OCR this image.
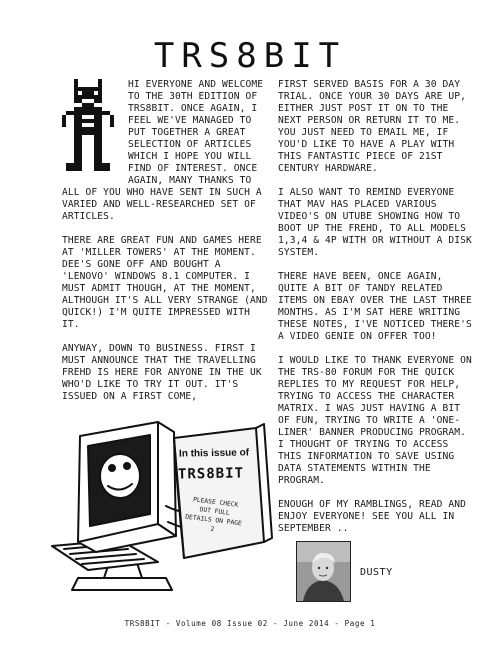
TRS8BIT

HI EVERYONE AND WELCOME TO THE 30TH EDITION OF TRS8BIT. ONCE AGAIN, I FEEL WE'VE MANAGED TO PUT TOGETHER A GREAT SELECTION OF ARTICLES WHICH I HOPE YOU WILL FIND OF INTEREST. ONCE AGAIN, MANY THANKS TO ALL OF YOU WHO HAVE SENT IN SUCH A VARIED AND WELL-RESEARCHED SET OF ARTICLES.

THERE ARE GREAT FUN AND GAMES HERE AT 'MILLER TOWERS' AT THE MOMENT. DEE'S GONE OFF AND BOUGHT A 'LENOVO' WINDOWS 8.1 COMPUTER. I MUST ADMIT THOUGH, AT THE MOMENT, ALTHOUGH IT'S ALL VERY STRANGE (AND QUICK!) I'M QUITE IMPRESSED WITH IT.

ANYWAY, DOWN TO BUSINESS. FIRST I MUST ANNOUNCE THAT THE TRAVELLING FREHD IS HERE FOR ANYONE IN THE UK WHO'D LIKE TO TRY IT OUT. IT'S ISSUED ON A FIRST COME,

FIRST SERVED BASIS FOR A 30 DAY TRIAL. ONCE YOUR 30 DAYS ARE UP, EITHER JUST POST IT ON TO THE NEXT PERSON OR RETURN IT TO ME. YOU JUST NEED TO EMAIL ME, IF YOU'D LIKE TO HAVE A PLAY WITH THIS FANTASTIC PIECE OF 21ST CENTURY HARDWARE.

I ALSO WANT TO REMIND EVERYONE THAT MAV HAS PLACED VARIOUS VIDEO'S ON UTUBE SHOWING HOW TO BOOT UP THE FREHD, TO ALL MODELS 1,3,4 & 4P WITH OR WITHOUT A DISK SYSTEM.

THERE HAVE BEEN, ONCE AGAIN, QUITE A BIT OF TANDY RELATED ITEMS ON EBAY OVER THE LAST THREE MONTHS. AS I'M SAT HERE WRITING THESE NOTES, I'VE NOTICED THERE'S A VIDEO GENIE ON OFFER TOO!

I WOULD LIKE TO THANK EVERYONE ON THE TRS-80 FORUM FOR THE QUICK REPLIES TO MY REQUEST FOR HELP, TRYING TO ACCESS THE CHARACTER MATRIX. I WAS JUST HAVING A BIT OF FUN, TRYING TO WRITE A 'ONE-LINER' BANNER PRODUCING PROGRAM. I THOUGHT OF TRYING TO ACCESS THIS INFORMATION TO SAVE USING DATA STATEMENTS WITHIN THE PROGRAM.

ENOUGH OF MY RAMBLINGS, READ AND ENJOY EVERYONE! SEE YOU ALL IN SEPTEMBER ..

In this issue of
TRS8BIT
PLEASE CHECK OUT FULL DETAILS ON PAGE 2
DUSTY
TRS8BIT - Volume 08 Issue 02 - June 2014 - Page 1
